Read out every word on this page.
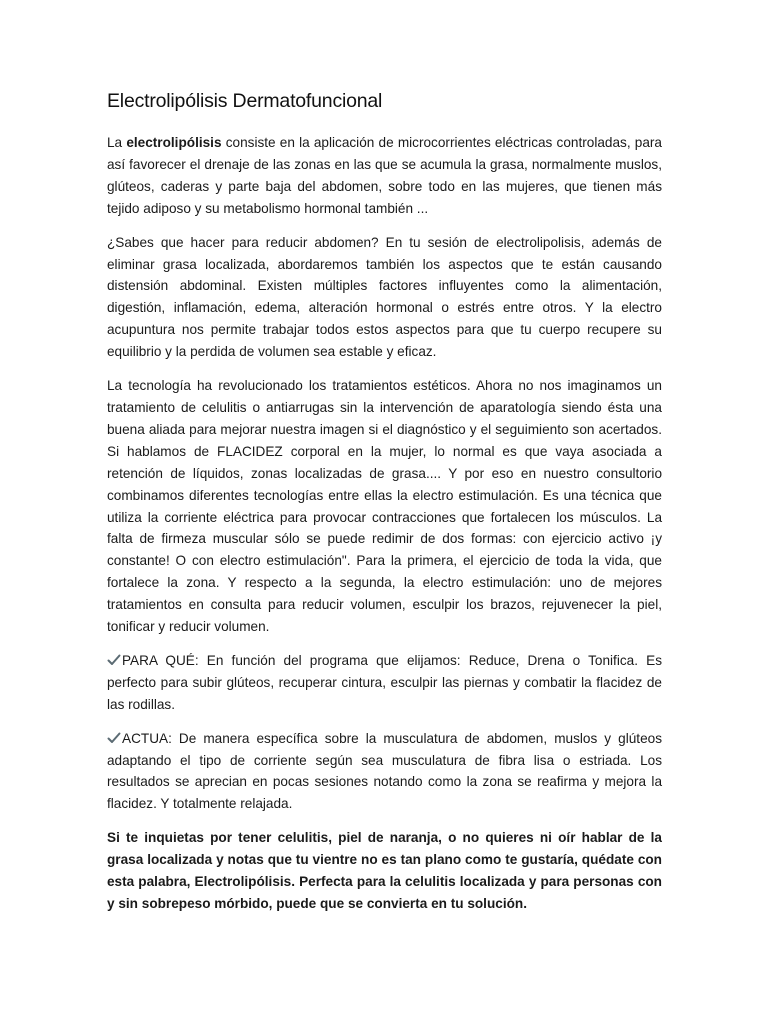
Electrolipólisis Dermatofuncional

La electrolipólisis consiste en la aplicación de microcorrientes eléctricas controladas, para así favorecer el drenaje de las zonas en las que se acumula la grasa, normalmente muslos, glúteos, caderas y parte baja del abdomen, sobre todo en las mujeres, que tienen más tejido adiposo y su metabolismo hormonal también ...

¿Sabes que hacer para reducir abdomen? En tu sesión de electrolipolisis, además de eliminar grasa localizada, abordaremos también los aspectos que te están causando distensión abdominal. Existen múltiples factores influyentes como la alimentación, digestión, inflamación, edema, alteración hormonal o estrés entre otros. Y la electro acupuntura nos permite trabajar todos estos aspectos para que tu cuerpo recupere su equilibrio y la perdida de volumen sea estable y eficaz.

La tecnología ha revolucionado los tratamientos estéticos. Ahora no nos imaginamos un tratamiento de celulitis o antiarrugas sin la intervención de aparatología siendo ésta una buena aliada para mejorar nuestra imagen si el diagnóstico y el seguimiento son acertados. Si hablamos de FLACIDEZ corporal en la mujer, lo normal es que vaya asociada a retención de líquidos, zonas localizadas de grasa.... Y por eso en nuestro consultorio combinamos diferentes tecnologías entre ellas la electro estimulación. Es una técnica que utiliza la corriente eléctrica para provocar contracciones que fortalecen los músculos. La falta de firmeza muscular sólo se puede redimir de dos formas: con ejercicio activo ¡y constante! O con electro estimulación". Para la primera, el ejercicio de toda la vida, que fortalece la zona. Y respecto a la segunda, la electro estimulación: uno de mejores tratamientos en consulta para reducir volumen, esculpir los brazos, rejuvenecer la piel, tonificar y reducir volumen.

PARA QUÉ: En función del programa que elijamos: Reduce, Drena o Tonifica. Es perfecto para subir glúteos, recuperar cintura, esculpir las piernas y combatir la flacidez de las rodillas.

ACTUA: De manera específica sobre la musculatura de abdomen, muslos y glúteos adaptando el tipo de corriente según sea musculatura de fibra lisa o estriada. Los resultados se aprecian en pocas sesiones notando como la zona se reafirma y mejora la flacidez. Y totalmente relajada.

Si te inquietas por tener celulitis, piel de naranja, o no quieres ni oír hablar de la grasa localizada y notas que tu vientre no es tan plano como te gustaría, quédate con esta palabra, Electrolipólisis. Perfecta para la celulitis localizada y para personas con y sin sobrepeso mórbido, puede que se convierta en tu solución.
